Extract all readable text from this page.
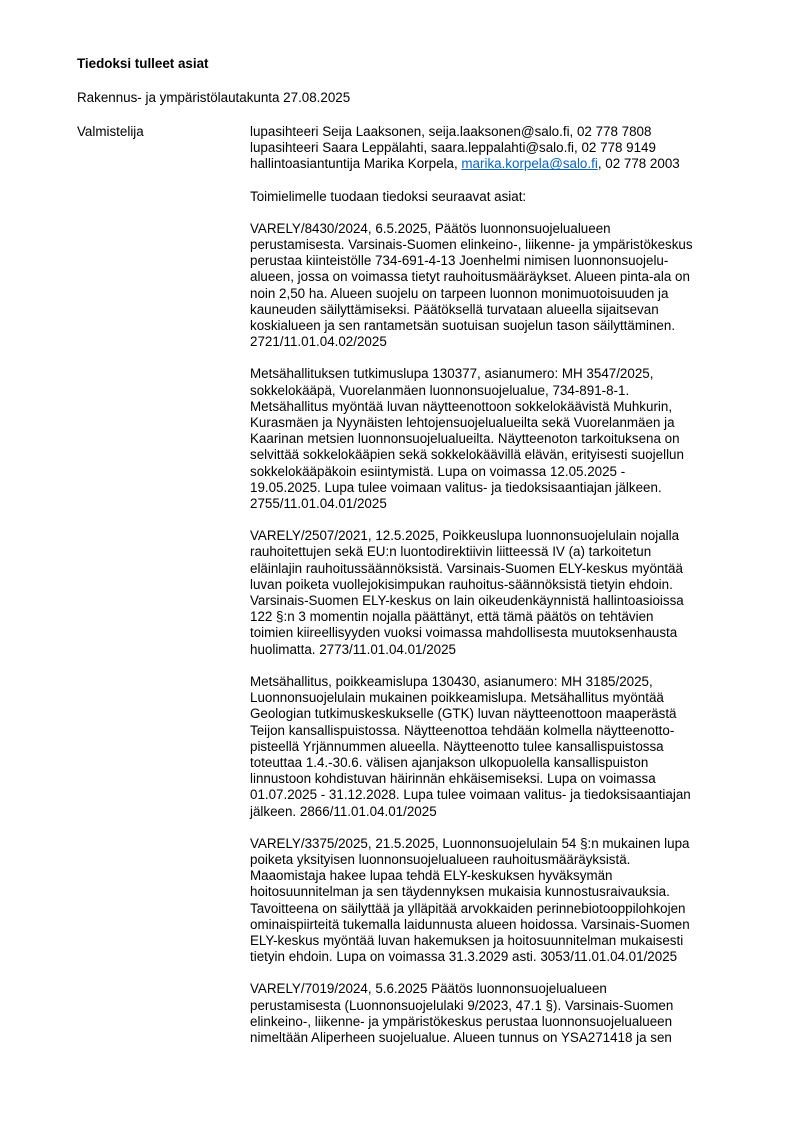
Tiedoksi tulleet asiat
Rakennus- ja ympäristölautakunta 27.08.2025
Valmistelija	lupasihteeri Seija Laaksonen, seija.laaksonen@salo.fi, 02 778 7808
lupasihteeri Saara Leppälahti, saara.leppalahti@salo.fi, 02 778 9149
hallintoasiantuntija Marika Korpela, marika.korpela@salo.fi, 02 778 2003
Toimielimelle tuodaan tiedoksi seuraavat asiat:
VARELY/8430/2024, 6.5.2025, Päätös luonnonsuojelualueen
perustamisesta. Varsinais-Suomen elinkeino-, liikenne- ja ympäristökeskus
perustaa kiinteistölle 734-691-4-13 Joenhelmi nimisen luonnonsuojelu-
alueen, jossa on voimassa tietyt rauhoitusmääräykset. Alueen pinta-ala on
noin 2,50 ha. Alueen suojelu on tarpeen luonnon monimuotoisuuden ja
kauneuden säilyttämiseksi. Päätöksellä turvataan alueella sijaitsevan
koskialueen ja sen rantametsän suotuisan suojelun tason säilyttäminen.
2721/11.01.04.02/2025
Metsähallituksen tutkimuslupa 130377, asianumero: MH 3547/2025,
sokkelokääpä, Vuorelanmäen luonnonsuojelualue, 734-891-8-1.
Metsähallitus myöntää luvan näytteenottoon sokkelokäävistä Muhkurin,
Kurasmäen ja Nyynäisten lehtojensuojelualueilta sekä Vuorelanmäen ja
Kaarinan metsien luonnonsuojelualueilta. Näytteenoton tarkoituksena on
selvittää sokkelokääpien sekä sokkelokäävillä elävän, erityisesti suojellun
sokkelokääpäkoin esiintymistä. Lupa on voimassa 12.05.2025 -
19.05.2025. Lupa tulee voimaan valitus- ja tiedoksisaantiajan jälkeen.
2755/11.01.04.01/2025
VARELY/2507/2021, 12.5.2025, Poikkeuslupa luonnonsuojelulain nojalla
rauhoitettujen sekä EU:n luontodirektiivin liitteessä IV (a) tarkoitetun
eläinlajin rauhoitussäännöksistä. Varsinais-Suomen ELY-keskus myöntää
luvan poiketa vuollejokisimpukan rauhoitus-säännöksistä tietyin ehdoin.
Varsinais-Suomen ELY-keskus on lain oikeudenkäynnistä hallintoasioissa
122 §:n 3 momentin nojalla päättänyt, että tämä päätös on tehtävien
toimien kiireellisyyden vuoksi voimassa mahdollisesta muutoksenhausta
huolimatta. 2773/11.01.04.01/2025
Metsähallitus, poikkeamislupa 130430, asianumero: MH 3185/2025,
Luonnonsuojelulain mukainen poikkeamislupa. Metsähallitus myöntää
Geologian tutkimuskeskukselle (GTK) luvan näytteenottoon maaperästä
Teijon kansallispuistossa. Näytteenottoa tehdään kolmella näytteenotto-
pisteellä Yrjännummen alueella. Näytteenotto tulee kansallispuistossa
toteuttaa 1.4.-30.6. välisen ajanjakson ulkopuolella kansallispuiston
linnustoon kohdistuvan häirinnän ehkäisemiseksi. Lupa on voimassa
01.07.2025 - 31.12.2028. Lupa tulee voimaan valitus- ja tiedoksisaantiajan
jälkeen. 2866/11.01.04.01/2025
VARELY/3375/2025, 21.5.2025, Luonnonsuojelulain 54 §:n mukainen lupa
poiketa yksityisen luonnonsuojelualueen rauhoitusmääräyksistä.
Maaomistaja hakee lupaa tehdä ELY-keskuksen hyväksymän
hoitosuunnitelman ja sen täydennyksen mukaisia kunnostusraivauksia.
Tavoitteena on säilyttää ja ylläpitää arvokkaiden perinnebiotooppilohkojen
ominaispiirteitä tukemalla laidunnusta alueen hoidossa. Varsinais-Suomen
ELY-keskus myöntää luvan hakemuksen ja hoitosuunnitelman mukaisesti
tietyin ehdoin. Lupa on voimassa 31.3.2029 asti. 3053/11.01.04.01/2025
VARELY/7019/2024, 5.6.2025 Päätös luonnonsuojelualueen
perustamisesta (Luonnonsuojelulaki 9/2023, 47.1 §). Varsinais-Suomen
elinkeino-, liikenne- ja ympäristökeskus perustaa luonnonsuojelualueen
nimeltään Aliperheen suojelualue. Alueen tunnus on YSA271418 ja sen
